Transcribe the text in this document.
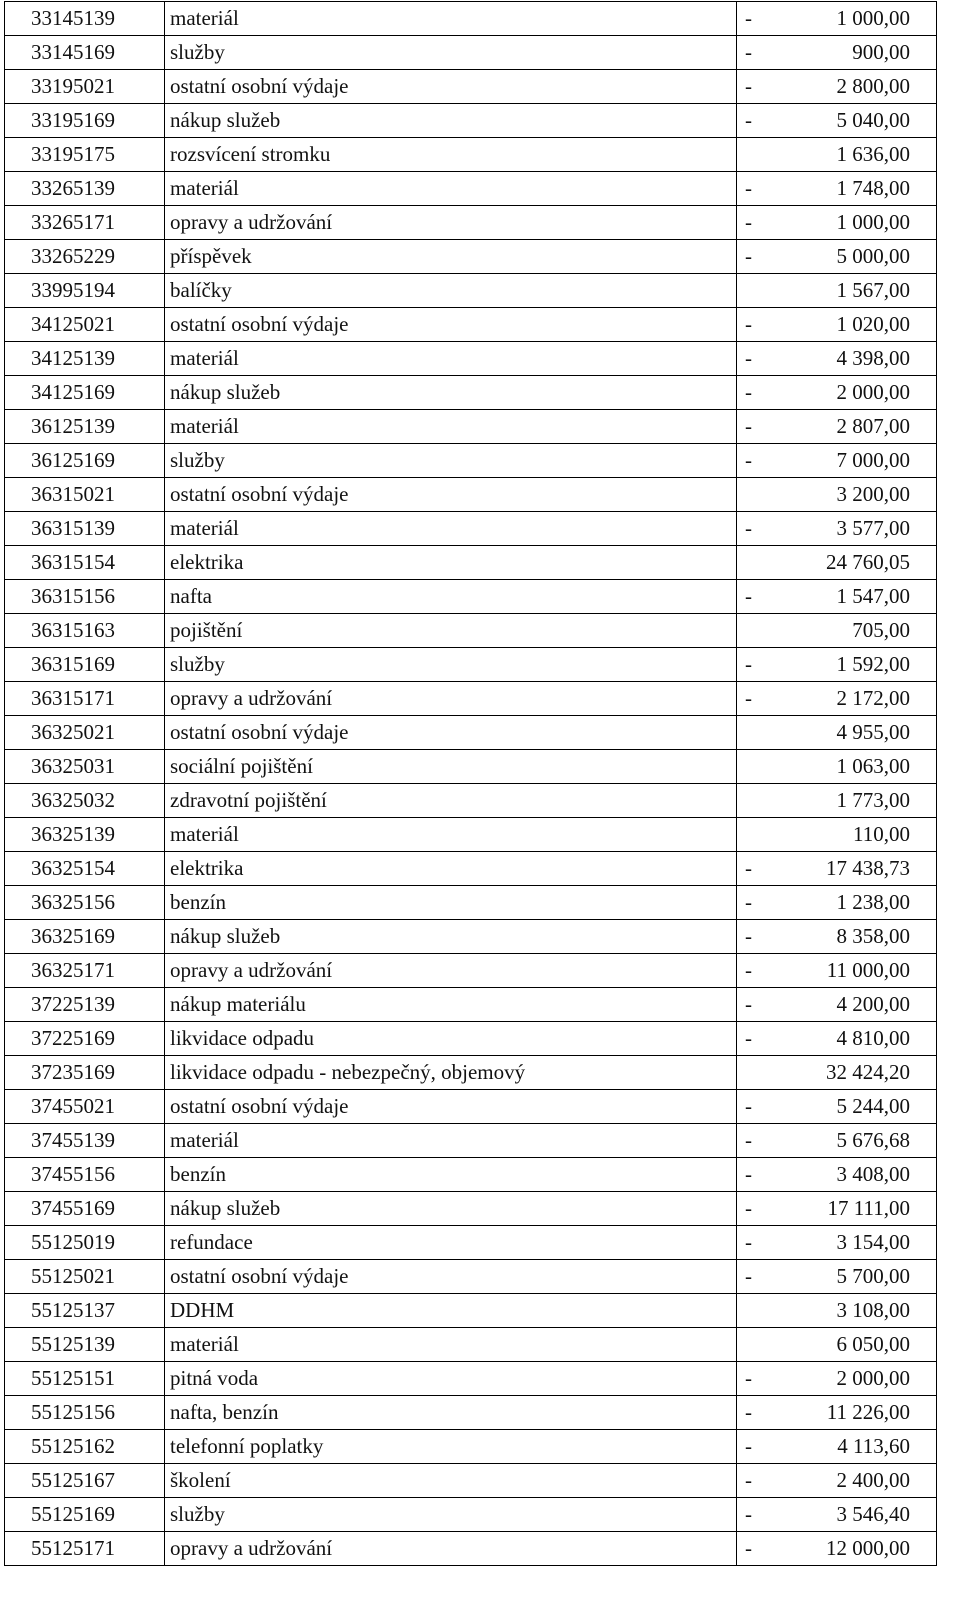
33145139	materiál	- 1 000,00
33145169	služby	- 900,00
33195021	ostatní osobní výdaje	- 2 800,00
33195169	nákup služeb	- 5 040,00
33195175	rozsvícení stromku	1 636,00
33265139	materiál	- 1 748,00
33265171	opravy a udržování	- 1 000,00
33265229	příspěvek	- 5 000,00
33995194	balíčky	1 567,00
34125021	ostatní osobní výdaje	- 1 020,00
34125139	materiál	- 4 398,00
34125169	nákup služeb	- 2 000,00
36125139	materiál	- 2 807,00
36125169	služby	- 7 000,00
36315021	ostatní osobní výdaje	3 200,00
36315139	materiál	- 3 577,00
36315154	elektrika	24 760,05
36315156	nafta	- 1 547,00
36315163	pojištění	705,00
36315169	služby	- 1 592,00
36315171	opravy a udržování	- 2 172,00
36325021	ostatní osobní výdaje	4 955,00
36325031	sociální pojištění	1 063,00
36325032	zdravotní pojištění	1 773,00
36325139	materiál	110,00
36325154	elektrika	- 17 438,73
36325156	benzín	- 1 238,00
36325169	nákup služeb	- 8 358,00
36325171	opravy a udržování	- 11 000,00
37225139	nákup materiálu	- 4 200,00
37225169	likvidace odpadu	- 4 810,00
37235169	likvidace odpadu - nebezpečný, objemový	32 424,20
37455021	ostatní osobní výdaje	- 5 244,00
37455139	materiál	- 5 676,68
37455156	benzín	- 3 408,00
37455169	nákup služeb	- 17 111,00
55125019	refundace	- 3 154,00
55125021	ostatní osobní výdaje	- 5 700,00
55125137	DDHM	3 108,00
55125139	materiál	6 050,00
55125151	pitná voda	- 2 000,00
55125156	nafta, benzín	- 11 226,00
55125162	telefonní poplatky	- 4 113,60
55125167	školení	- 2 400,00
55125169	služby	- 3 546,40
55125171	opravy a udržování	- 12 000,00
